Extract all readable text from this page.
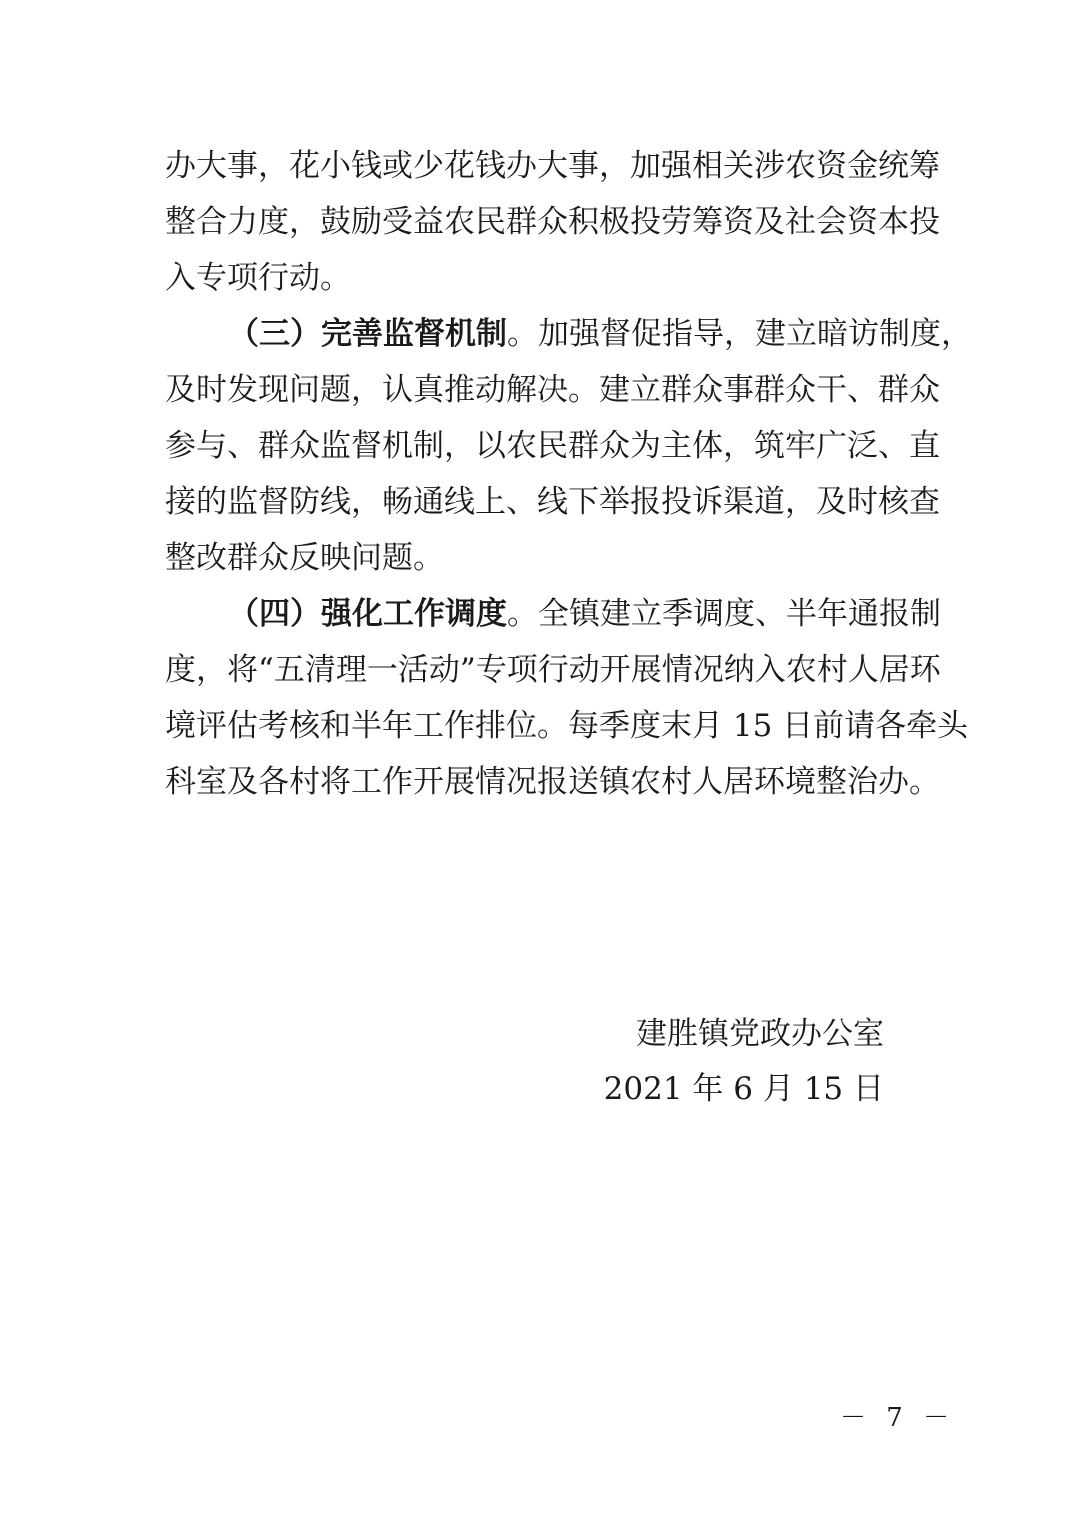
办大事，花小钱或少花钱办大事，加强相关涉农资金统筹
整合力度，鼓励受益农民群众积极投劳筹资及社会资本投
入专项行动。
（三）完善监督机制。加强督促指导，建立暗访制度，
及时发现问题，认真推动解决。建立群众事群众干、群众
参与、群众监督机制，以农民群众为主体，筑牢广泛、直
接的监督防线，畅通线上、线下举报投诉渠道，及时核查
整改群众反映问题。
（四）强化工作调度。全镇建立季调度、半年通报制
度，将“五清理一活动”专项行动开展情况纳入农村人居环
境评估考核和半年工作排位。每季度末月 15 日前请各牵头
科室及各村将工作开展情况报送镇农村人居环境整治办。
建胜镇党政办公室
2021 年 6 月 15 日
－ 7 －
